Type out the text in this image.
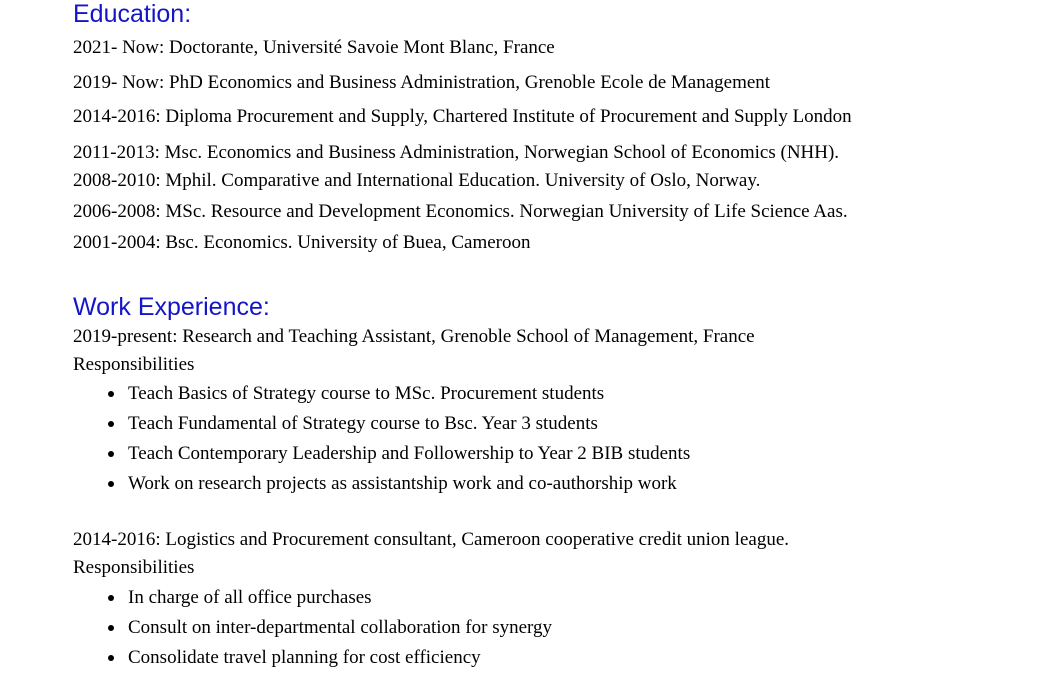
Education:
2021- Now: Doctorante, Université Savoie Mont Blanc, France
2019- Now: PhD Economics and Business Administration, Grenoble Ecole de Management
2014-2016: Diploma Procurement and Supply, Chartered Institute of Procurement and Supply London
2011-2013: Msc. Economics and Business Administration, Norwegian School of Economics (NHH).
2008-2010: Mphil. Comparative and International Education. University of Oslo, Norway.
2006-2008: MSc. Resource and Development Economics. Norwegian University of Life Science Aas.
2001-2004: Bsc. Economics. University of Buea, Cameroon
Work Experience:
2019-present: Research and Teaching Assistant, Grenoble School of Management, France
Responsibilities
Teach Basics of Strategy course to MSc. Procurement students
Teach Fundamental of Strategy course to Bsc. Year 3 students
Teach Contemporary Leadership and Followership to Year 2 BIB students
Work on research projects as assistantship work and co-authorship work
2014-2016: Logistics and Procurement consultant, Cameroon cooperative credit union league.
Responsibilities
In charge of all office purchases
Consult on inter-departmental collaboration for synergy
Consolidate travel planning for cost efficiency
